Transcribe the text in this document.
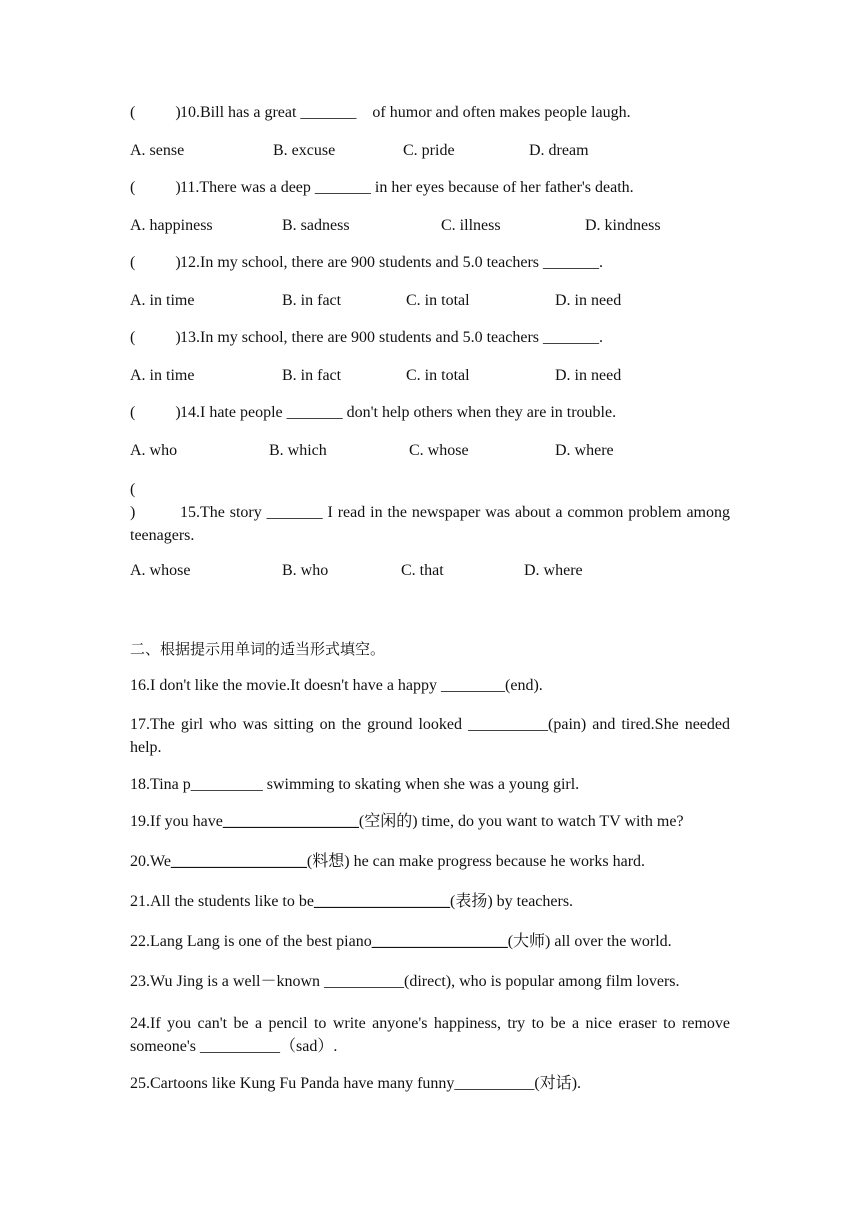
(	)10.Bill has a great _______    of humor and often makes people laugh.
A. sense	B. excuse	C. pride	D. dream
(	)11.There was a deep _______ in her eyes because of her father's death.
A. happiness	B. sadness	C. illness	D. kindness
(	)12.In my school, there are 900 students and 5.0 teachers _______.
A. in time	B. in fact	C. in total	D. in need
(	)13.In my school, there are 900 students and 5.0 teachers _______.
A. in time	B. in fact	C. in total	D. in need
(	)14.I hate people _______ don't help others when they are in trouble.
A. who	B. which	C. whose	D. where
()	15.The story _______ I read in the newspaper was about a common problem among teenagers.
A. whose	B. who	C. that	D. where
二、根据提示用单词的适当形式填空。
16.I don't like the movie.It doesn't have a happy ________(end).
17.The girl who was sitting on the ground looked __________(pain) and tired.She needed help.
18.Tina p_________ swimming to skating when she was a young girl.
19.If you have_________________(空闲的) time, do you want to watch TV with me?
20.We_________________(料想) he can make progress because he works hard.
21.All the students like to be_________________(表扬) by teachers.
22.Lang Lang is one of the best piano_________________(大师) all over the world.
23.Wu Jing is a well－known __________(direct), who is popular among film lovers.
24.If you can't be a pencil to write anyone's happiness, try to be a nice eraser to remove someone's __________（sad）.
25.Cartoons like Kung Fu Panda have many funny__________(对话).
